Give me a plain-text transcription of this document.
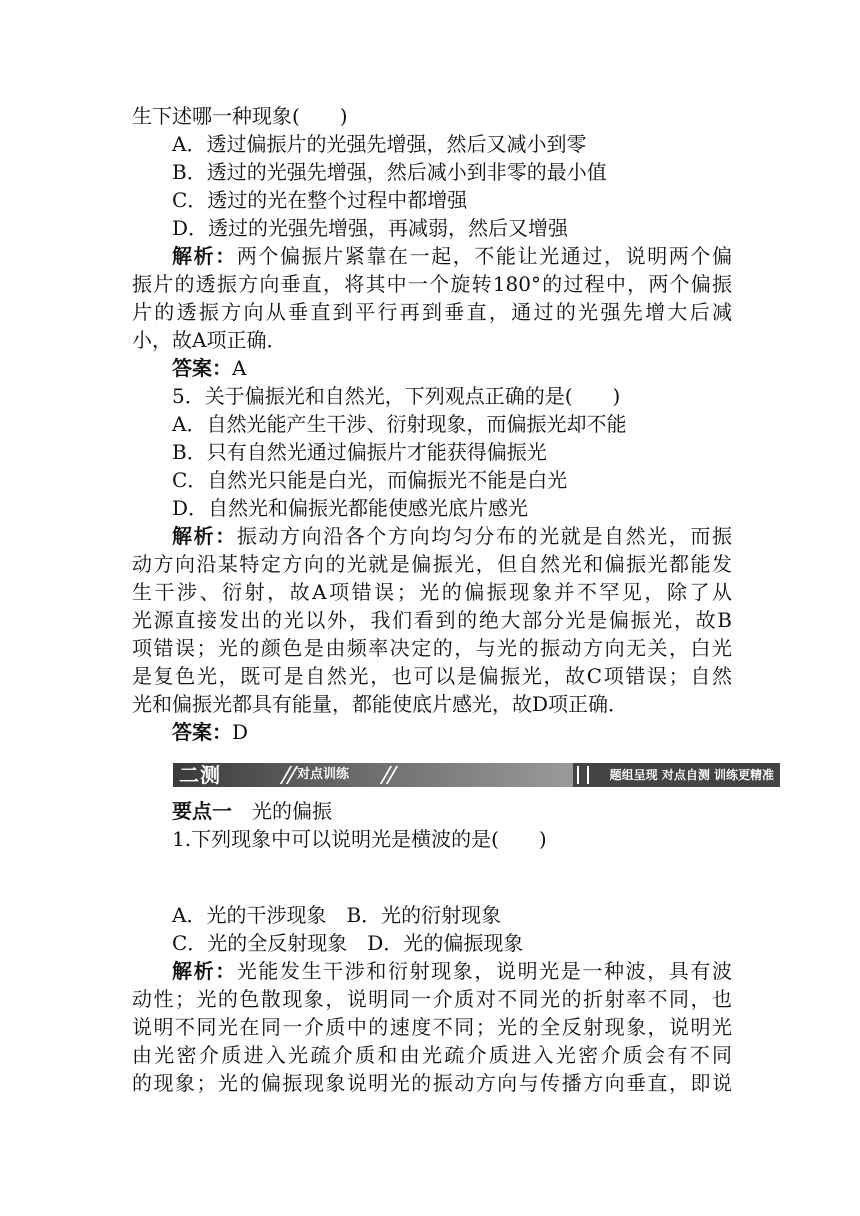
生下述哪一种现象(　　)
A．透过偏振片的光强先增强，然后又减小到零
B．透过的光强先增强，然后减小到非零的最小值
C．透过的光在整个过程中都增强
D．透过的光强先增强，再减弱，然后又增强
解析：两个偏振片紧靠在一起，不能让光通过，说明两个偏
振片的透振方向垂直，将其中一个旋转180°的过程中，两个偏振
片的透振方向从垂直到平行再到垂直，通过的光强先增大后减
小，故A项正确．
答案：A
5．关于偏振光和自然光，下列观点正确的是(　　)
A．自然光能产生干涉、衍射现象，而偏振光却不能
B．只有自然光通过偏振片才能获得偏振光
C．自然光只能是白光，而偏振光不能是白光
D．自然光和偏振光都能使感光底片感光
解析：振动方向沿各个方向均匀分布的光就是自然光，而振
动方向沿某特定方向的光就是偏振光，但自然光和偏振光都能发
生干涉、衍射，故A项错误；光的偏振现象并不罕见，除了从
光源直接发出的光以外，我们看到的绝大部分光是偏振光，故B
项错误；光的颜色是由频率决定的，与光的振动方向无关，白光
是复色光，既可是自然光，也可以是偏振光，故C项错误；自然
光和偏振光都具有能量，都能使底片感光，故D项正确．
答案：D
二测	对点训练	题组呈现 对点自测 训练更精准
要点一　 光的偏振
1.下列现象中可以说明光是横波的是(　　)
A．光的干涉现象　B．光的衍射现象
C．光的全反射现象　D．光的偏振现象
解析：光能发生干涉和衍射现象，说明光是一种波，具有波
动性；光的色散现象，说明同一介质对不同光的折射率不同，也
说明不同光在同一介质中的速度不同；光的全反射现象，说明光
由光密介质进入光疏介质和由光疏介质进入光密介质会有不同
的现象；光的偏振现象说明光的振动方向与传播方向垂直，即说
